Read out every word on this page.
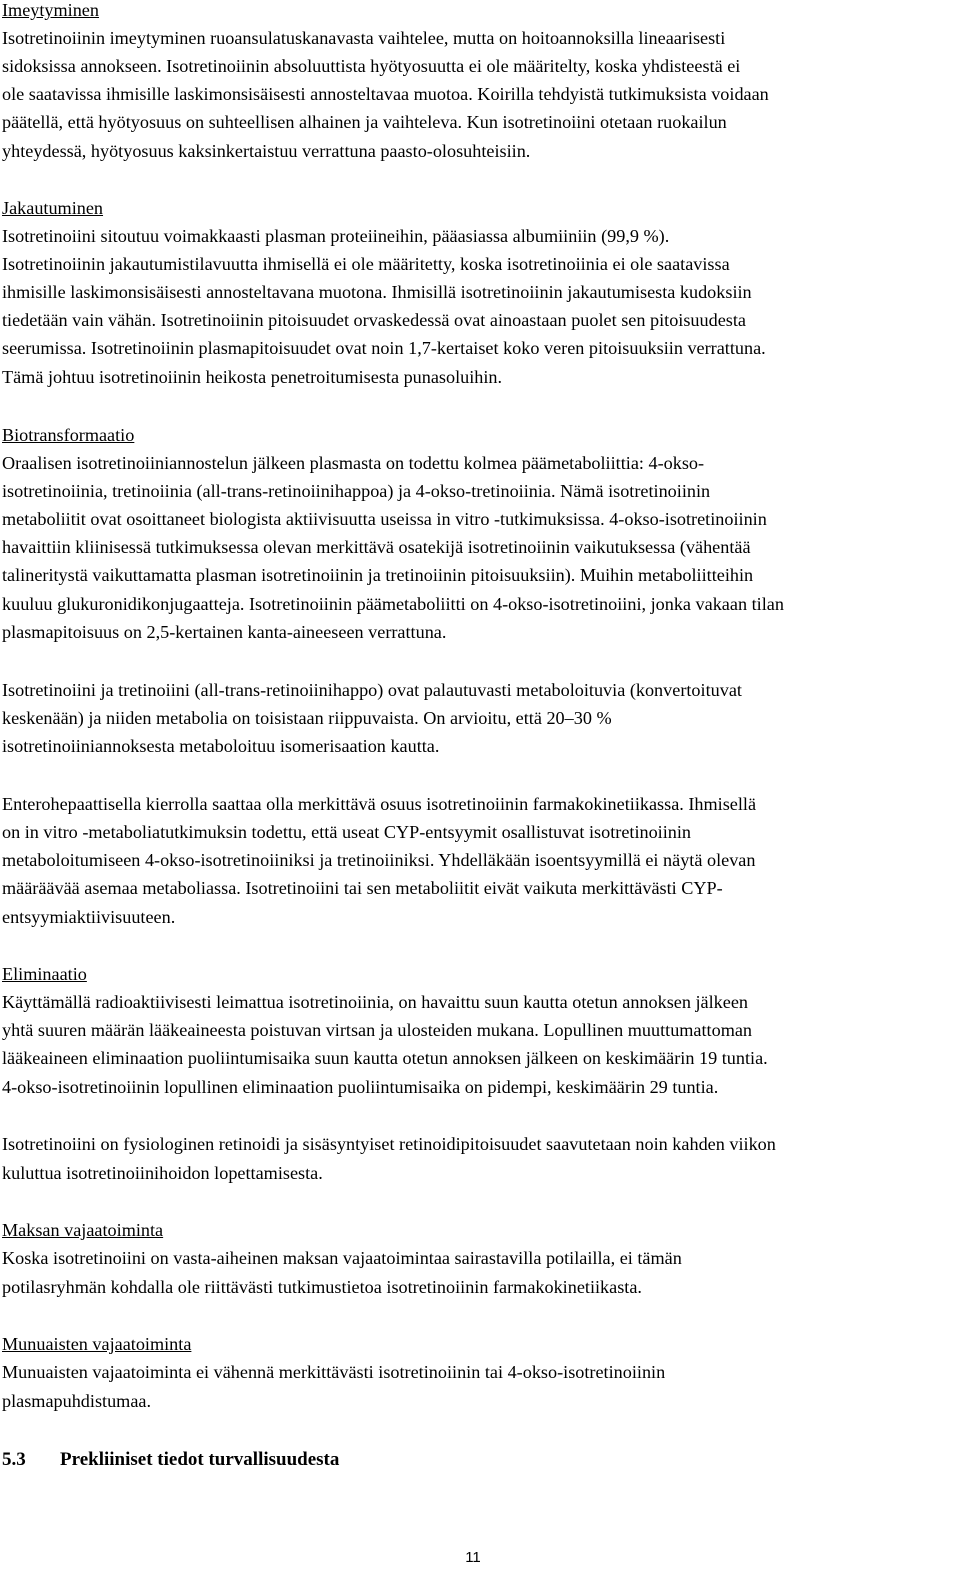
Imeytyminen
Isotretinoiinin imeytyminen ruoansulatuskanavasta vaihtelee, mutta on hoitoannoksilla lineaarisesti
sidoksissa annokseen. Isotretinoiinin absoluuttista hyötyosuutta ei ole määritelty, koska yhdisteestä ei
ole saatavissa ihmisille laskimonsisäisesti annosteltavaa muotoa. Koirilla tehdyistä tutkimuksista voidaan
päätellä, että hyötyosuus on suhteellisen alhainen ja vaihteleva. Kun isotretinoiini otetaan ruokailun
yhteydessä, hyötyosuus kaksinkertaistuu verrattuna paasto-olosuhteisiin.
Jakautuminen
Isotretinoiini sitoutuu voimakkaasti plasman proteiineihin, pääasiassa albumiiniin (99,9 %).
Isotretinoiinin jakautumistilavuutta ihmisellä ei ole määritetty, koska isotretinoiinia ei ole saatavissa
ihmisille laskimonsisäisesti annosteltavana muotona. Ihmisillä isotretinoiinin jakautumisesta kudoksiin
tiedetään vain vähän. Isotretinoiinin pitoisuudet orvaskedessä ovat ainoastaan puolet sen pitoisuudesta
seerumissa. Isotretinoiinin plasmapitoisuudet ovat noin 1,7-kertaiset koko veren pitoisuuksiin verrattuna.
Tämä johtuu isotretinoiinin heikosta penetroitumisesta punasoluihin.
Biotransformaatio
Oraalisen isotretinoiiniannostelun jälkeen plasmasta on todettu kolmea päämetaboliittia: 4-okso-
isotretinoiinia, tretinoiinia (all-trans-retinoiinihappoa) ja 4-okso-tretinoiinia. Nämä isotretinoiinin
metaboliitit ovat osoittaneet biologista aktiivisuutta useissa in vitro -tutkimuksissa. 4-okso-isotretinoiinin
havaittiin kliinisessä tutkimuksessa olevan merkittävä osatekijä isotretinoiinin vaikutuksessa (vähentää
talineritystä vaikuttamatta plasman isotretinoiinin ja tretinoiinin pitoisuuksiin). Muihin metaboliitteihin
kuuluu glukuronidikonjugaatteja. Isotretinoiinin päämetaboliitti on 4-okso-isotretinoiini, jonka vakaan tilan
plasmapitoisuus on 2,5-kertainen kanta-aineeseen verrattuna.
Isotretinoiini ja tretinoiini (all-trans-retinoiinihappo) ovat palautuvasti metaboloituvia (konvertoituvat
keskenään) ja niiden metabolia on toisistaan riippuvaista. On arvioitu, että 20–30 %
isotretinoiiniannoksesta metaboloituu isomerisaation kautta.
Enterohepaattisella kierrolla saattaa olla merkittävä osuus isotretinoiinin farmakokinetiikassa. Ihmisellä
on in vitro -metaboliatutkimuksin todettu, että useat CYP-entsyymit osallistuvat isotretinoiinin
metaboloitumiseen 4-okso-isotretinoiiniksi ja tretinoiiniksi. Yhdelläkään isoentsyymillä ei näytä olevan
määräävää asemaa metaboliassa. Isotretinoiini tai sen metaboliitit eivät vaikuta merkittävästi CYP-
entsyymiaktiivisuuteen.
Eliminaatio
Käyttämällä radioaktiivisesti leimattua isotretinoiinia, on havaittu suun kautta otetun annoksen jälkeen
yhtä suuren määrän lääkeaineesta poistuvan virtsan ja ulosteiden mukana. Lopullinen muuttumattoman
lääkeaineen eliminaation puoliintumisaika suun kautta otetun annoksen jälkeen on keskimäärin 19 tuntia.
4-okso-isotretinoiinin lopullinen eliminaation puoliintumisaika on pidempi, keskimäärin 29 tuntia.
Isotretinoiini on fysiologinen retinoidi ja sisäsyntyiset retinoidipitoisuudet saavutetaan noin kahden viikon
kuluttua isotretinoiinihoidon lopettamisesta.
Maksan vajaatoiminta
Koska isotretinoiini on vasta-aiheinen maksan vajaatoimintaa sairastavilla potilailla, ei tämän
potilasryhmän kohdalla ole riittävästi tutkimustietoa isotretinoiinin farmakokinetiikasta.
Munuaisten vajaatoiminta
Munuaisten vajaatoiminta ei vähennä merkittävästi isotretinoiinin tai 4-okso-isotretinoiinin
plasmapuhdistumaa.
5.3 Prekliiniset tiedot turvallisuudesta
11
